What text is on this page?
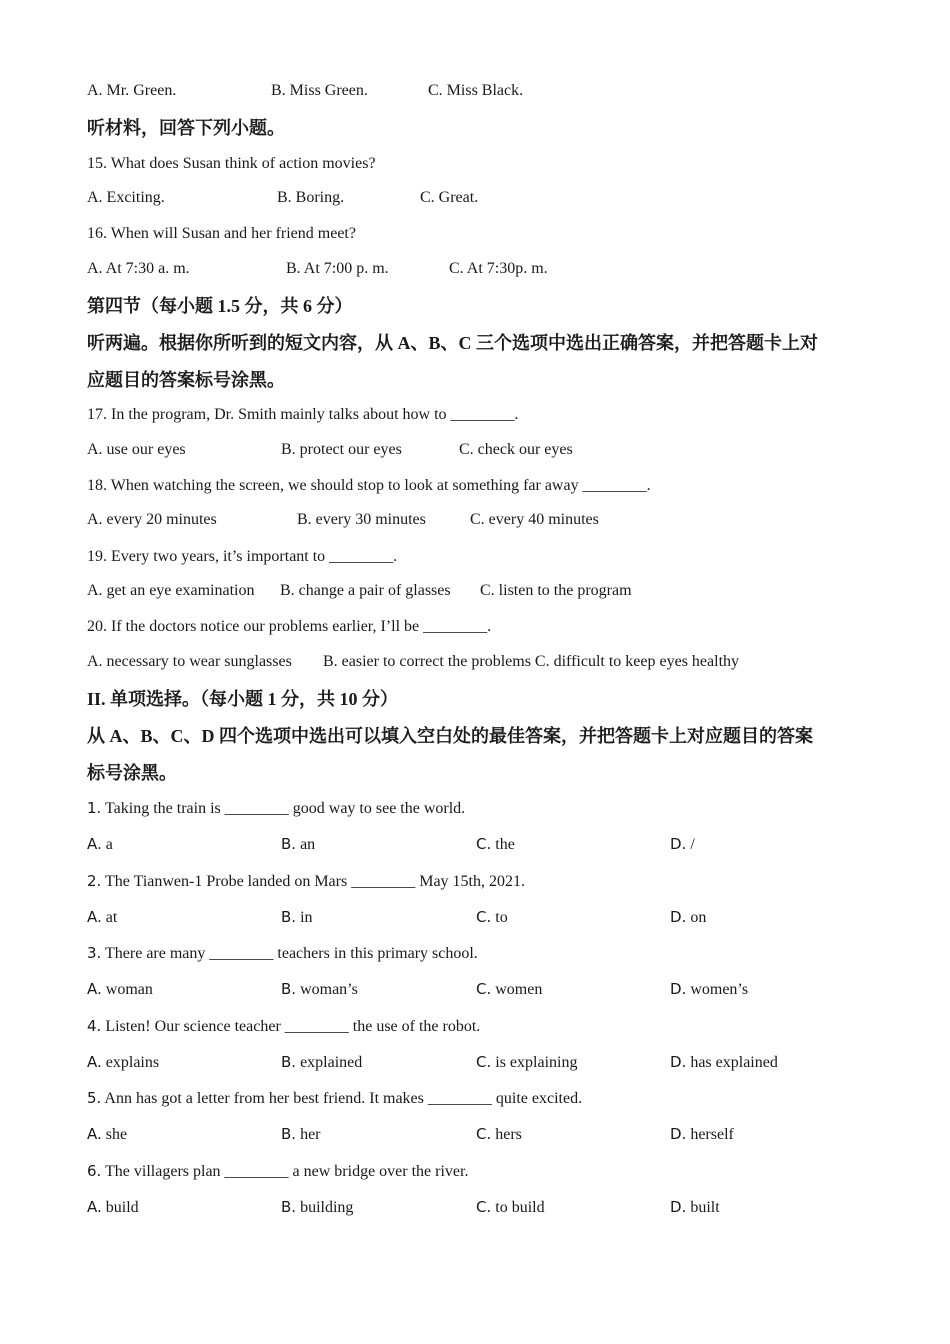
A. Mr. Green.	B. Miss Green.	C. Miss Black.
听材料，回答下列小题。
15. What does Susan think of action movies?
A. Exciting.	B. Boring.	C. Great.
16. When will Susan and her friend meet?
A. At 7:30 a. m.	B. At 7:00 p. m.	C. At 7:30p. m.
第四节（每小题 1.5 分，共 6 分）
听两遍。根据你所听到的短文内容，从 A、B、C 三个选项中选出正确答案，并把答题卡上对
应题目的答案标号涂黑。
17. In the program, Dr. Smith mainly talks about how to ________.
A. use our eyes	B. protect our eyes	C. check our eyes
18. When watching the screen, we should stop to look at something far away ________.
A. every 20 minutes	B. every 30 minutes	C. every 40 minutes
19. Every two years, it’s important to ________.
A. get an eye examination B. change a pair of glasses C. listen to the program
20. If the doctors notice our problems earlier, I’ll be ________.
A. necessary to wear sunglasses B. easier to correct the problems C. difficult to keep eyes healthy
II. 单项选择。（每小题 1 分，共 10 分）
从 A、B、C、D 四个选项中选出可以填入空白处的最佳答案，并把答题卡上对应题目的答案
标号涂黑。
1. Taking the train is ________ good way to see the world.
A. a	B. an	C. the	D. /
2. The Tianwen-1 Probe landed on Mars ________ May 15th, 2021.
A. at	B. in	C. to	D. on
3. There are many ________ teachers in this primary school.
A. woman	B. woman’s	C. women	D. women’s
4. Listen! Our science teacher ________ the use of the robot.
A. explains	B. explained	C. is explaining	D. has explained
5. Ann has got a letter from her best friend. It makes ________ quite excited.
A. she	B. her	C. hers	D. herself
6. The villagers plan ________ a new bridge over the river.
A. build	B. building	C. to build	D. built
